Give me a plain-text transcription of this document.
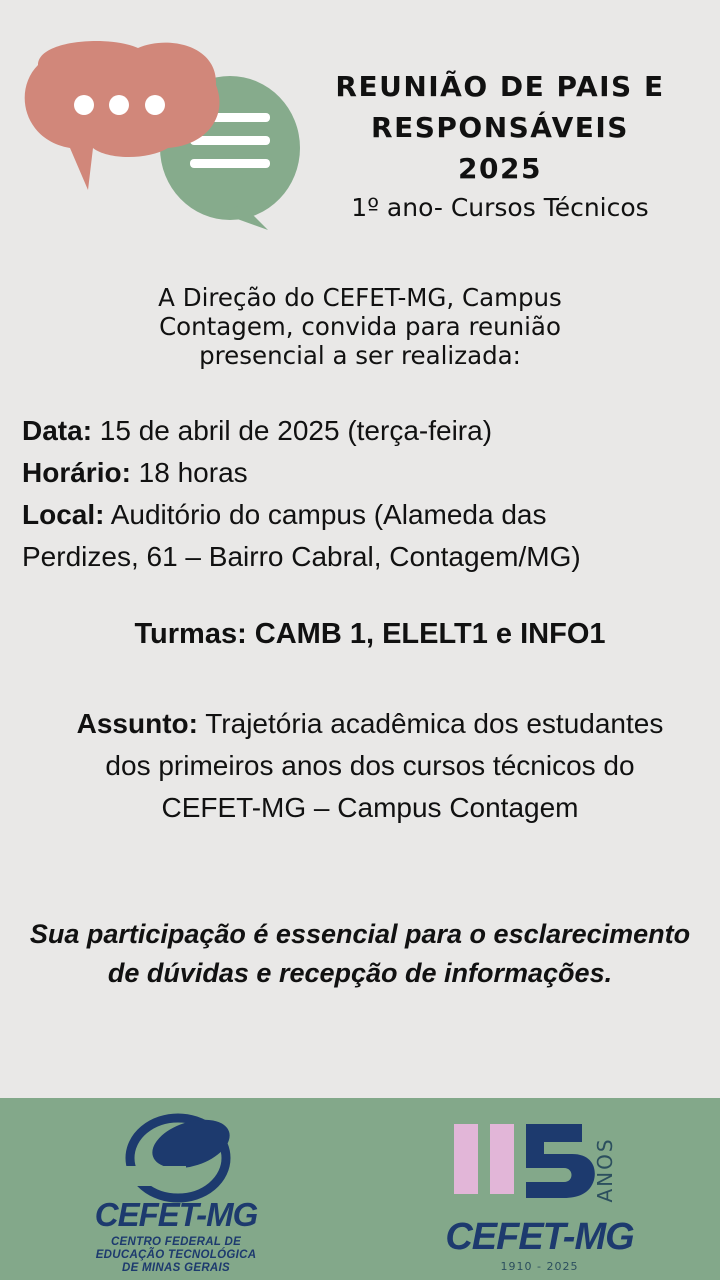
REUNIÃO DE PAIS E
RESPONSÁVEIS
2025
1º ano- Cursos Técnicos
A Direção do CEFET-MG, Campus
Contagem, convida para reunião
presencial a ser realizada:
Data: 15 de abril de 2025 (terça-feira)
Horário: 18 horas
Local: Auditório do campus (Alameda das
Perdizes, 61 – Bairro Cabral, Contagem/MG)
Turmas: CAMB 1, ELELT1 e INFO1
Assunto: Trajetória acadêmica dos estudantes
dos primeiros anos dos cursos técnicos do
CEFET-MG – Campus Contagem
Sua participação é essencial para o esclarecimento
de dúvidas e recepção de informações.
CEFET-MG
CENTRO FEDERAL DE
EDUCAÇÃO TECNOLÓGICA
DE MINAS GERAIS
ANOS
CEFET-MG
1910 - 2025
